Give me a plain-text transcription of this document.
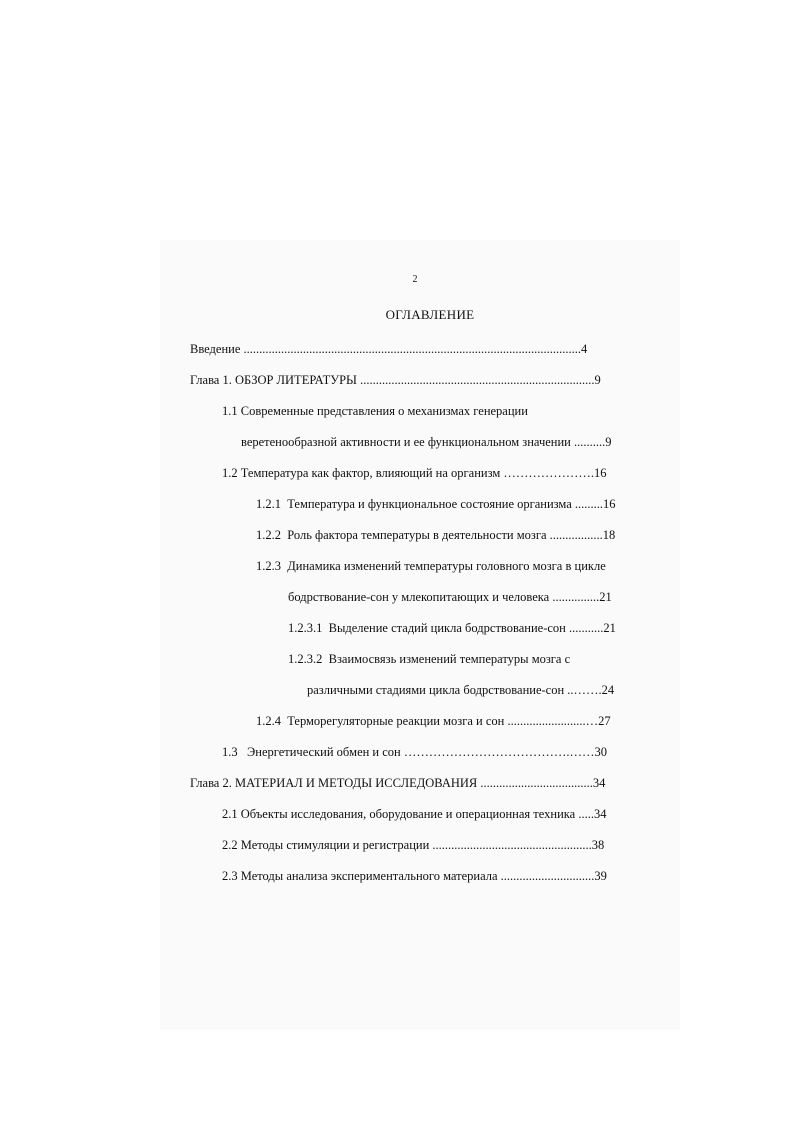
2
ОГЛАВЛЕНИЕ
Введение ............................................................................................................4
Глава 1. ОБЗОР ЛИТЕРАТУРЫ ...........................................................................9
1.1 Современные представления о механизмах генерации
веретенообразной активности и ее функциональном значении ..........9
1.2 Температура как фактор, влияющий на организм ………………….16
1.2.1  Температура и функциональное состояние организма .........16
1.2.2  Роль фактора температуры в деятельности мозга .................18
1.2.3  Динамика изменений температуры головного мозга в цикле
бодрствование-сон у млекопитающих и человека ...............21
1.2.3.1  Выделение стадий цикла бодрствование-сон ...........21
1.2.3.2  Взаимосвязь изменений температуры мозга с
различными стадиями цикла бодрствование-сон ..…….24
1.2.4  Терморегуляторные реакции мозга и сон .........................…27
1.3   Энергетический обмен и сон ………………………………….……30
Глава 2. МАТЕРИАЛ И МЕТОДЫ ИССЛЕДОВАНИЯ ....................................34
2.1 Объекты исследования, оборудование и операционная техника .....34
2.2 Методы стимуляции и регистрации ...................................................38
2.3 Методы анализа экспериментального материала ..............................39
